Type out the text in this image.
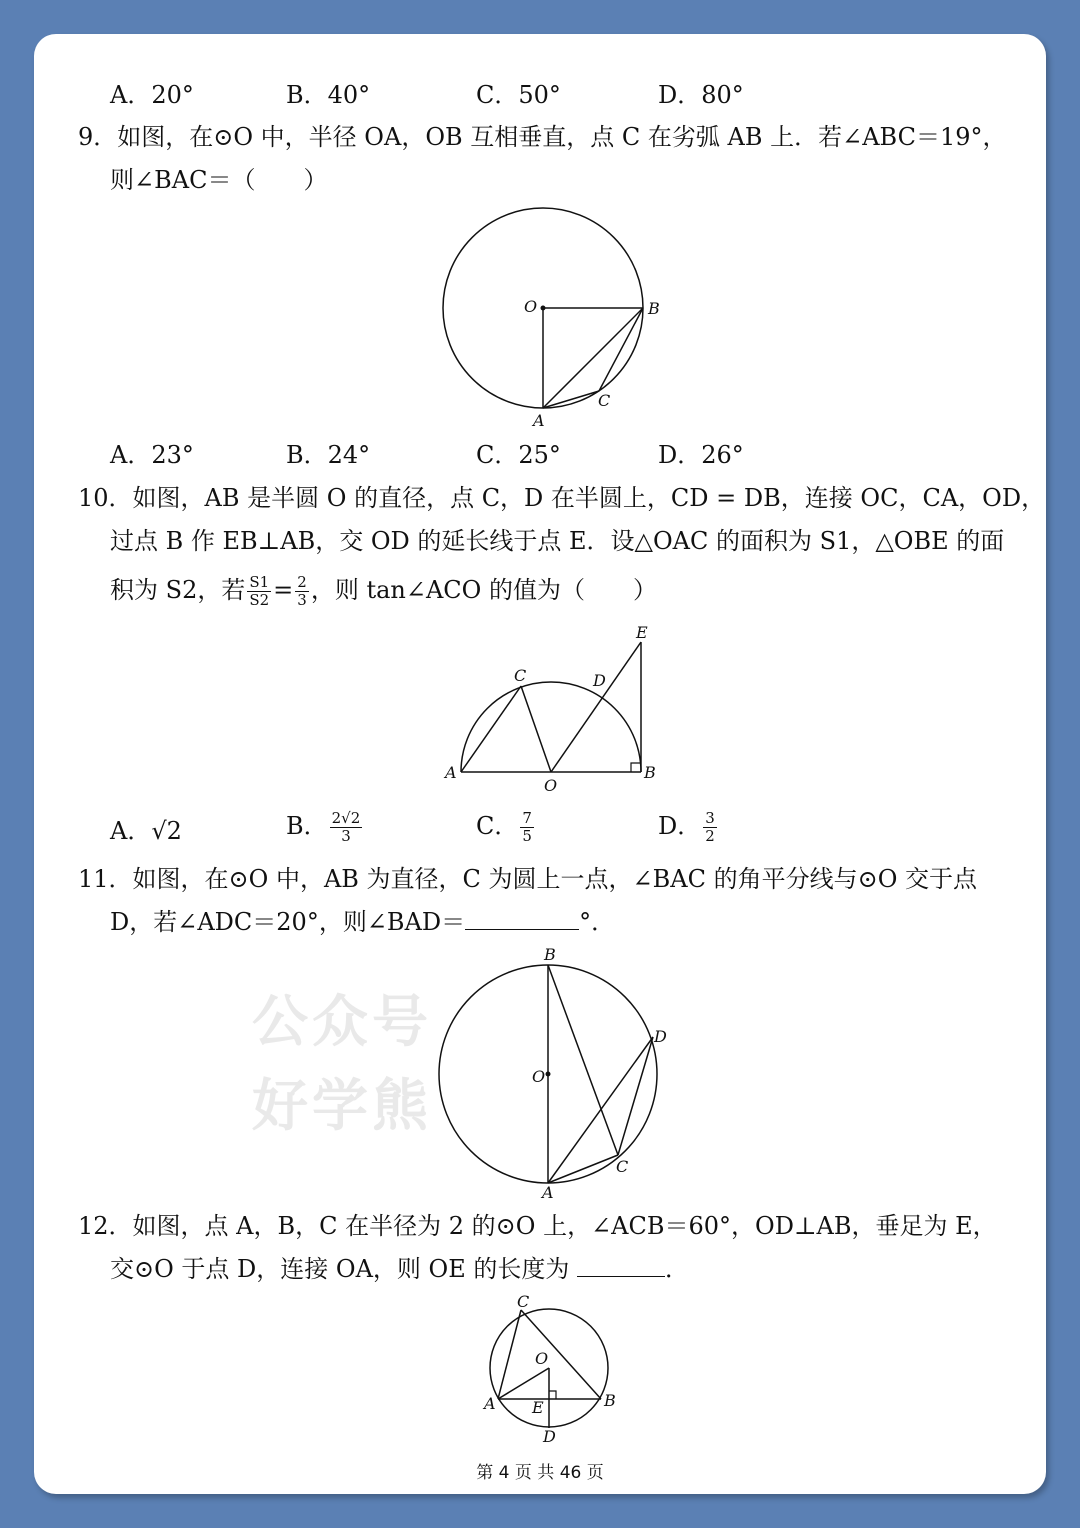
A．20°	B．40°	C．50°	D．80°
9．如图，在⊙O 中，半径 OA，OB 互相垂直，点 C 在劣弧 AB 上．若∠ABC＝19°，
则∠BAC＝（　　）
O	B
C
A
A．23°	B．24°	C．25°	D．26°
10．如图，AB 是半圆 O 的直径，点 C，D 在半圆上，CD = DB，连接 OC，CA，OD，
过点 B 作 EB⊥AB，交 OD 的延长线于点 E．设△OAC 的面积为 S1，△OBE 的面
积为 S2，若 $\frac{S1}{S2} = \frac{2}{3}$ ，则 tan∠ACO 的值为（　　）
E
C	D
A	B
O
A．√2	B． $\frac{2√2}{3}$	C． $\frac{7}{5}$	D． $\frac{3}{2}$
11．如图，在⊙O 中，AB 为直径，C 为圆上一点，∠BAC 的角平分线与⊙O 交于点
D，若∠ADC＝20°，则∠BAD＝	°．
公众号
好学熊
B
D
O
C
A
12．如图，点 A，B，C 在半径为 2 的⊙O 上，∠ACB＝60°，OD⊥AB，垂足为 E，
交⊙O 于点 D，连接 OA，则 OE 的长度为	．
C
O
A E	B
D
第 4 页 共 46 页
